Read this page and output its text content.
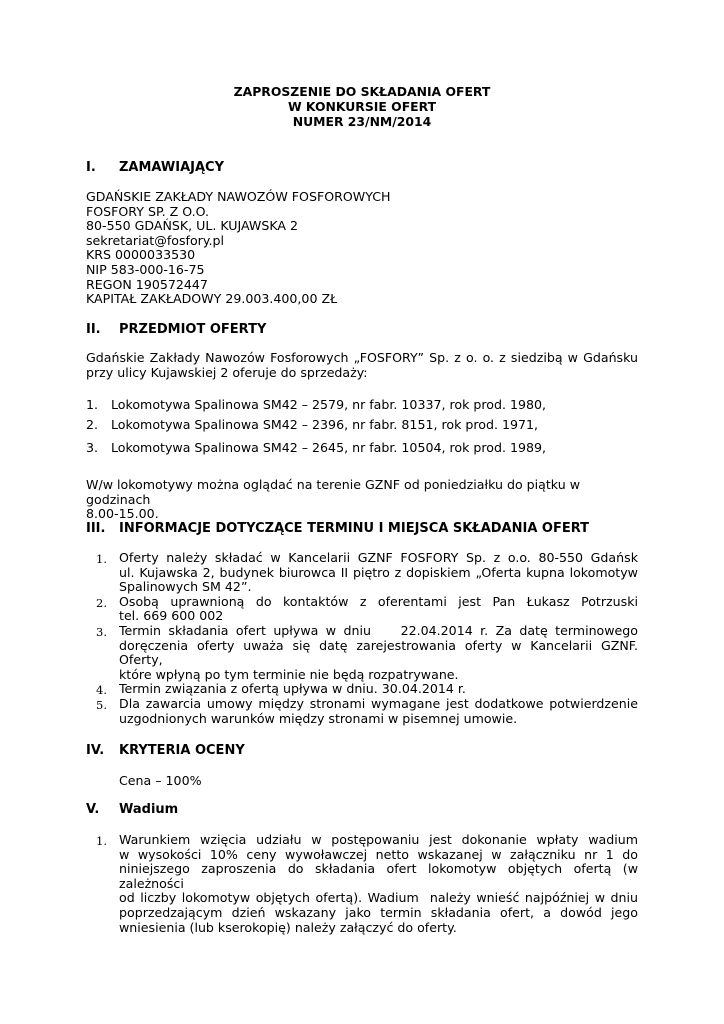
ZAPROSZENIE DO SKŁADANIA OFERT
W KONKURSIE OFERT
NUMER 23/NM/2014
I. ZAMAWIAJĄCY
GDAŃSKIE ZAKŁADY NAWOZÓW FOSFOROWYCH
FOSFORY SP. Z O.O.
80-550 GDAŃSK, UL. KUJAWSKA 2
sekretariat@fosfory.pl
KRS 0000033530
NIP 583-000-16-75
REGON 190572447
KAPITAŁ ZAKŁADOWY 29.003.400,00 ZŁ
II. PRZEDMIOT OFERTY
Gdańskie Zakłady Nawozów Fosforowych „FOSFORY” Sp. z o. o. z siedzibą w Gdańsku
przy ulicy Kujawskiej 2 oferuje do sprzedaży:
1. Lokomotywa Spalinowa SM42 – 2579, nr fabr. 10337, rok prod. 1980,
2. Lokomotywa Spalinowa SM42 – 2396, nr fabr. 8151, rok prod. 1971,
3. Lokomotywa Spalinowa SM42 – 2645, nr fabr. 10504, rok prod. 1989,
W/w lokomotywy można oglądać na terenie GZNF od poniedziałku do piątku w godzinach
8.00-15.00.
III. INFORMACJE DOTYCZĄCE TERMINU I MIEJSCA SKŁADANIA OFERT
1. Oferty należy składać w Kancelarii GZNF FOSFORY Sp. z o.o. 80-550 Gdańsk
ul. Kujawska 2, budynek biurowca II piętro z dopiskiem „Oferta kupna lokomotyw
Spalinowych SM 42”.
2. Osobą uprawnioną do kontaktów z oferentami jest Pan Łukasz Potrzuski
tel. 669 600 002
3. Termin składania ofert upływa w dniu    22.04.2014 r. Za datę terminowego
doręczenia oferty uważa się datę zarejestrowania oferty w Kancelarii GZNF. Oferty,
które wpłyną po tym terminie nie będą rozpatrywane.
4. Termin związania z ofertą upływa w dniu. 30.04.2014 r.
5. Dla zawarcia umowy między stronami wymagane jest dodatkowe potwierdzenie
uzgodnionych warunków między stronami w pisemnej umowie.
IV. KRYTERIA OCENY
Cena – 100%
V. Wadium
1. Warunkiem wzięcia udziału w postępowaniu jest dokonanie wpłaty wadium
w wysokości 10% ceny wywoławczej netto wskazanej w załączniku nr 1 do
niniejszego zaproszenia do składania ofert lokomotyw objętych ofertą (w zależności
od liczby lokomotyw objętych ofertą). Wadium  należy wnieść najpóźniej w dniu
poprzedzającym dzień wskazany jako termin składania ofert, a dowód jego
wniesienia (lub kserokopię) należy załączyć do oferty.
